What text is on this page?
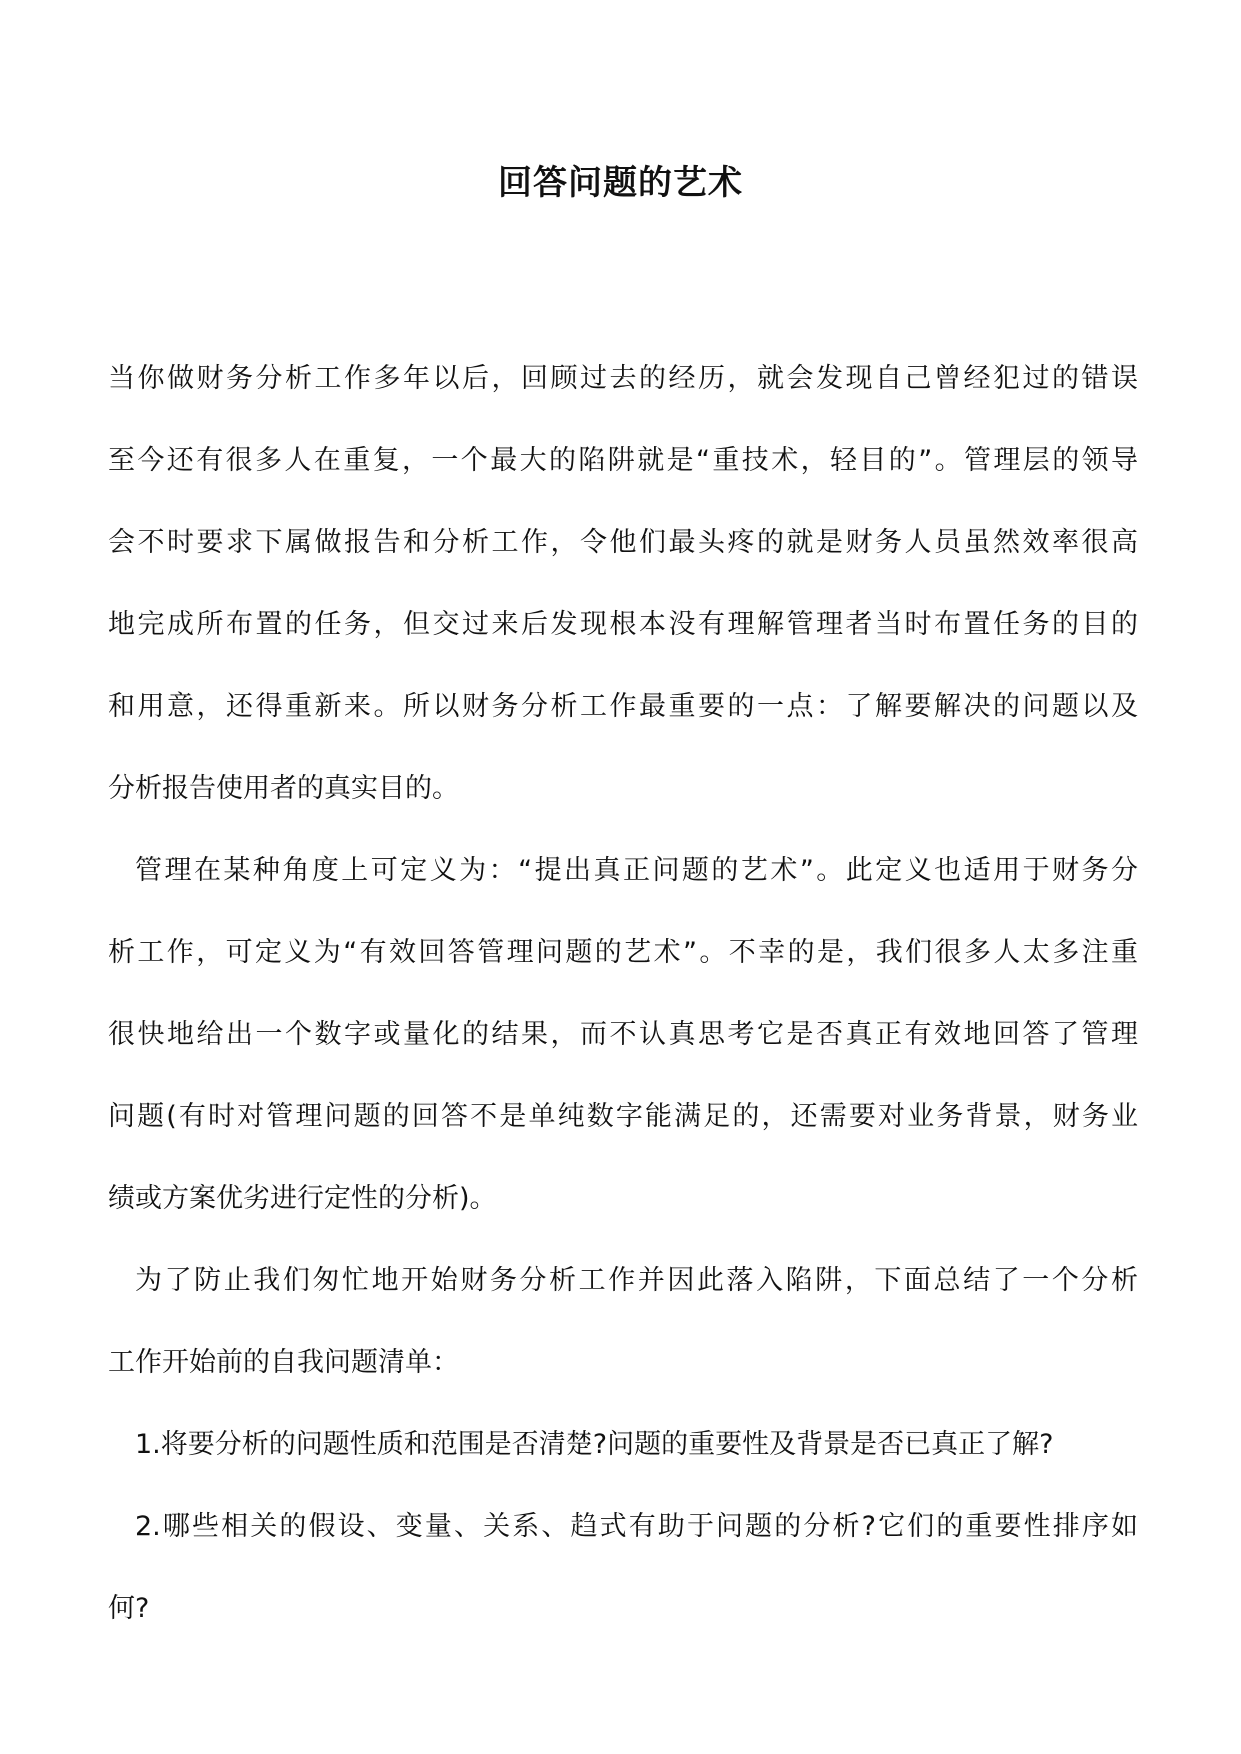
回答问题的艺术
当你做财务分析工作多年以后，回顾过去的经历，就会发现自己曾经犯过的错误
至今还有很多人在重复，一个最大的陷阱就是“重技术，轻目的”。管理层的领导
会不时要求下属做报告和分析工作，令他们最头疼的就是财务人员虽然效率很高
地完成所布置的任务，但交过来后发现根本没有理解管理者当时布置任务的目的
和用意，还得重新来。所以财务分析工作最重要的一点：了解要解决的问题以及
分析报告使用者的真实目的。
管理在某种角度上可定义为：“提出真正问题的艺术”。此定义也适用于财务分
析工作，可定义为“有效回答管理问题的艺术”。不幸的是，我们很多人太多注重
很快地给出一个数字或量化的结果，而不认真思考它是否真正有效地回答了管理
问题(有时对管理问题的回答不是单纯数字能满足的，还需要对业务背景，财务业
绩或方案优劣进行定性的分析)。
为了防止我们匆忙地开始财务分析工作并因此落入陷阱，下面总结了一个分析
工作开始前的自我问题清单：
1.将要分析的问题性质和范围是否清楚?问题的重要性及背景是否已真正了解?
2.哪些相关的假设、变量、关系、趋式有助于问题的分析?它们的重要性排序如
何?
